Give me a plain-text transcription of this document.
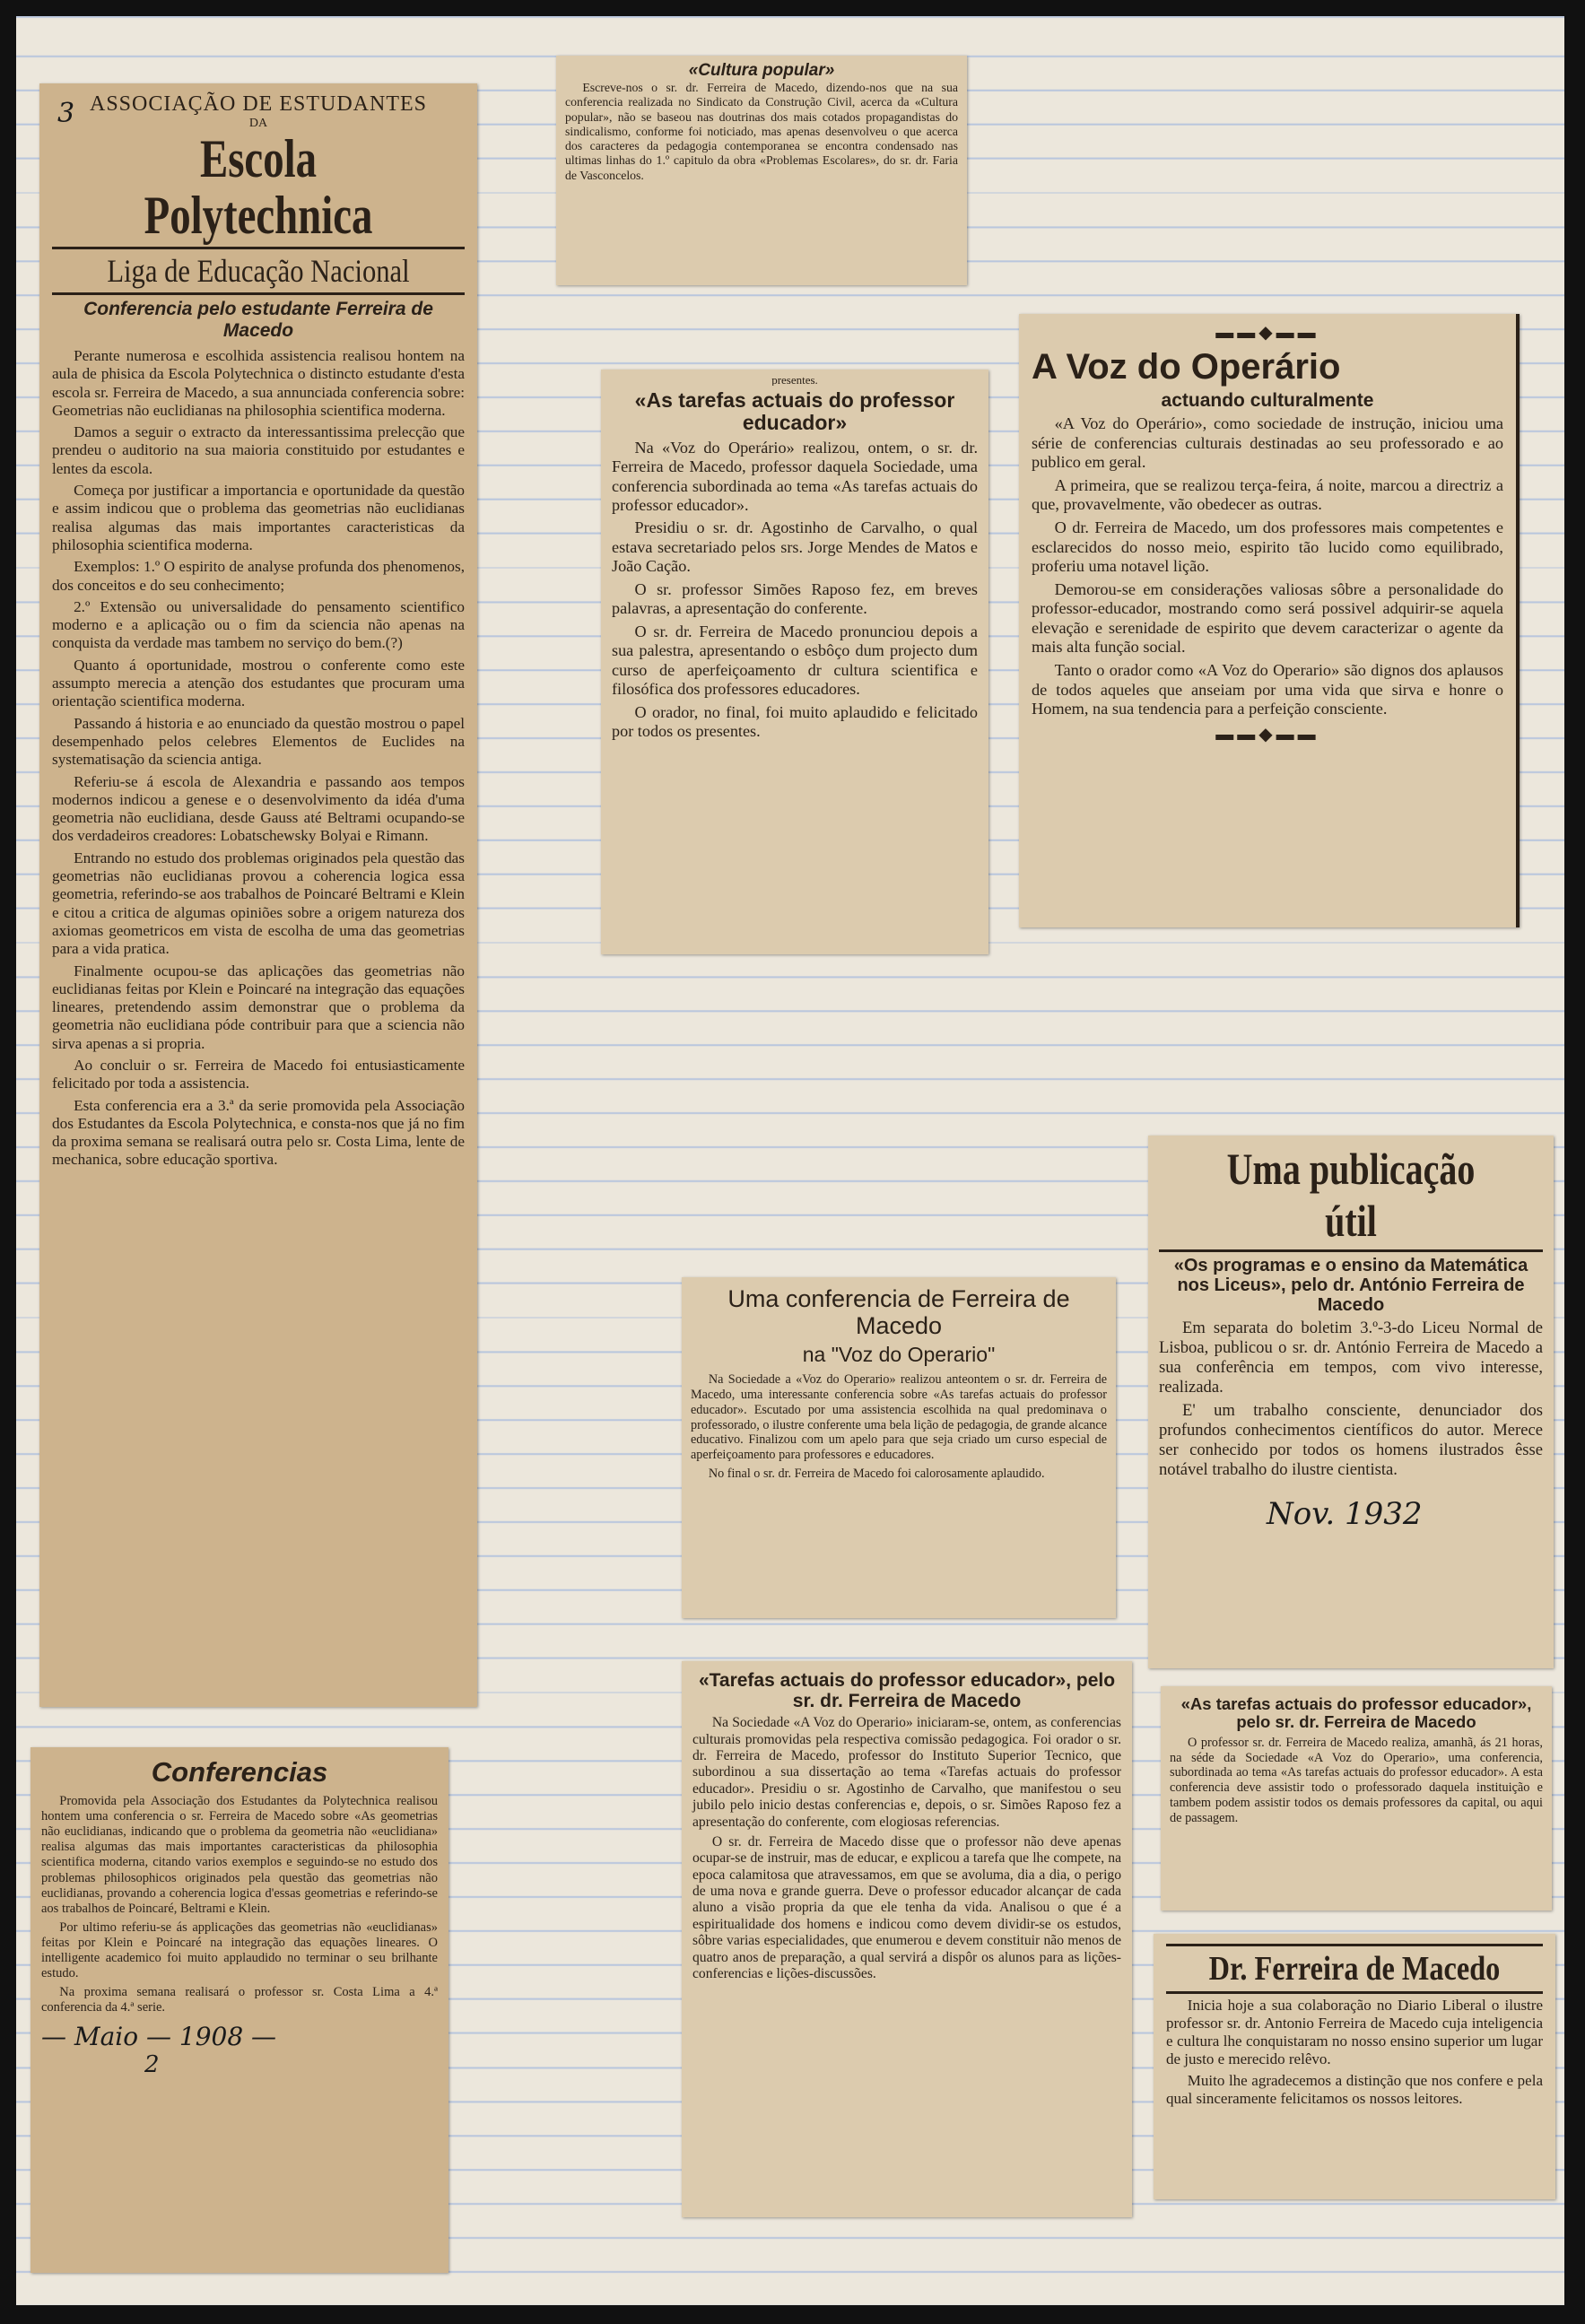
3 ASSOCIAÇÃO DE ESTUDANTES
DA
Escola Polytechnica
Liga de Educação Nacional
Conferencia pelo estudante Ferreira de Macedo

Perante numerosa e escolhida assistencia realisou hontem na aula de phisica da Escola Polytechnica o distincto estudante d'esta escola sr. Ferreira de Macedo, a sua annunciada conferencia sobre: Geometrias não euclidianas na philosophia scientifica moderna.

Damos a seguir o extracto da interessantissima prelecção que prendeu o auditorio na sua maioria constituido por estudantes e lentes da escola.

Começa por justificar a importancia e oportunidade da questão e assim indicou que o problema das geometrias não euclidianas realisa algumas das mais importantes caracteristicas da philosophia scientifica moderna.

Exemplos: 1.º O espirito de analyse profunda dos phenomenos, dos conceitos e do seu conhecimento;

2.º Extensão ou universalidade do pensamento scientifico moderno e a aplicação ou o fim da sciencia não apenas na conquista da verdade mas tambem no serviço do bem.(?)

Quanto á oportunidade, mostrou o conferente como este assumpto merecia a atenção dos estudantes que procuram uma orientação scientifica moderna.

Passando á historia e ao enunciado da questão mostrou o papel desempenhado pelos celebres Elementos de Euclides na systematisação da sciencia antiga.

Referiu-se á escola de Alexandria e passando aos tempos modernos indicou a genese e o desenvolvimento da idéa d'uma geometria não euclidiana, desde Gauss até Beltrami ocupando-se dos verdadeiros creadores: Lobatschewsky Bolyai e Rimann.

Entrando no estudo dos problemas originados pela questão das geometrias não euclidianas provou a coherencia logica essa geometria, referindo-se aos trabalhos de Poincaré Beltrami e Klein e citou a critica de algumas opiniões sobre a origem natureza dos axiomas geometricos em vista de escolha de uma das geometrias para a vida pratica.

Finalmente ocupou-se das aplicações das geometrias não euclidianas feitas por Klein e Poincaré na integração das equações lineares, pretendendo assim demonstrar que o problema da geometria não euclidiana póde contribuir para que a sciencia não sirva apenas a si propria.

Ao concluir o sr. Ferreira de Macedo foi entusiasticamente felicitado por toda a assistencia.

Esta conferencia era a 3.ª da serie promovida pela Associação dos Estudantes da Escola Polytechnica, e consta-nos que já no fim da proxima semana se realisará outra pelo sr. Costa Lima, lente de mechanica, sobre educação sportiva.

«Cultura popular»

Escreve-nos o sr. dr. Ferreira de Macedo, dizendo-nos que na sua conferencia realizada no Sindicato da Construção Civil, acerca da «Cultura popular», não se baseou nas doutrinas dos mais cotados propagandistas do sindicalismo, conforme foi noticiado, mas apenas desenvolveu o que acerca dos caracteres da pedagogia contemporanea se encontra condensado nas ultimas linhas do 1.º capitulo da obra «Problemas Escolares», do sr. dr. Faria de Vasconcelos.

presentes.
«As tarefas actuais do professor educador»

Na «Voz do Operário» realizou, ontem, o sr. dr. Ferreira de Macedo, professor daquela Sociedade, uma conferencia subordinada ao tema «As tarefas actuais do professor educador».

Presidiu o sr. dr. Agostinho de Carvalho, o qual estava secretariado pelos srs. Jorge Mendes de Matos e João Cação.

O sr. professor Simões Raposo fez, em breves palavras, a apresentação do conferente.

O sr. dr. Ferreira de Macedo pronunciou depois a sua palestra, apresentando o esbôço dum projecto dum curso de aperfeiçoamento dr cultura scientifica e filosófica dos professores educadores.

O orador, no final, foi muito aplaudido e felicitado por todos os presentes.

▬▬◆▬▬
A Voz do Operário
actuando culturalmente

«A Voz do Operário», como sociedade de instrução, iniciou uma série de conferencias culturais destinadas ao seu professorado e ao publico em geral.

A primeira, que se realizou terça-feira, á noite, marcou a directriz a que, provavelmente, vão obedecer as outras.

O dr. Ferreira de Macedo, um dos professores mais competentes e esclarecidos do nosso meio, espirito tão lucido como equilibrado, proferiu uma notavel lição.

Demorou-se em considerações valiosas sôbre a personalidade do professor-educador, mostrando como será possivel adquirir-se aquela elevação e serenidade de espirito que devem caracterizar o agente da mais alta função social.

Tanto o orador como «A Voz do Operario» são dignos dos aplausos de todos aqueles que anseiam por uma vida que sirva e honre o Homem, na sua tendencia para a perfeição consciente.

▬▬◆▬▬
Uma publicação útil
«Os programas e o ensino da Matemática nos Liceus», pelo dr. António Ferreira de Macedo

Em separata do boletim 3.º-3-do Liceu Normal de Lisboa, publicou o sr. dr. António Ferreira de Macedo a sua conferência em tempos, com vivo interesse, realizada.

E' um trabalho consciente, denunciador dos profundos conhecimentos científicos do autor. Merece ser conhecido por todos os homens ilustrados êsse notável trabalho do ilustre cientista.

Nov. 1932
Uma conferencia de Ferreira de Macedo
na "Voz do Operario"

Na Sociedade a «Voz do Operario» realizou anteontem o sr. dr. Ferreira de Macedo, uma interessante conferencia sobre «As tarefas actuais do professor educador». Escutado por uma assistencia escolhida na qual predominava o professorado, o ilustre conferente uma bela lição de pedagogia, de grande alcance educativo. Finalizou com um apelo para que seja criado um curso especial de aperfeiçoamento para professores e educadores.

No final o sr. dr. Ferreira de Macedo foi calorosamente aplaudido.

Conferencias

Promovida pela Associação dos Estudantes da Polytechnica realisou hontem uma conferencia o sr. Ferreira de Macedo sobre «As geometrias não euclidianas, indicando que o problema da geometria não «euclidiana» realisa algumas das mais importantes caracteristicas da philosophia scientifica moderna, citando varios exemplos e seguindo-se no estudo dos problemas philosophicos originados pela questão das geometrias não euclidianas, provando a coherencia logica d'essas geometrias e referindo-se aos trabalhos de Poincaré, Beltrami e Klein.

Por ultimo referiu-se ás applicações das geometrias não «euclidianas» feitas por Klein e Poincaré na integração das equações lineares. O intelligente academico foi muito applaudido no terminar o seu brilhante estudo.

Na proxima semana realisará o professor sr. Costa Lima a 4.ª conferencia da 4.ª serie.

— Maio — 1908 —
2
«Tarefas actuais do professor educador», pelo sr. dr. Ferreira de Macedo

Na Sociedade «A Voz do Operario» iniciaram-se, ontem, as conferencias culturais promovidas pela respectiva comissão pedagogica. Foi orador o sr. dr. Ferreira de Macedo, professor do Instituto Superior Tecnico, que subordinou a sua dissertação ao tema «Tarefas actuais do professor educador». Presidiu o sr. Agostinho de Carvalho, que manifestou o seu jubilo pelo inicio destas conferencias e, depois, o sr. Simões Raposo fez a apresentação do conferente, com elogiosas referencias.

O sr. dr. Ferreira de Macedo disse que o professor não deve apenas ocupar-se de instruir, mas de educar, e explicou a tarefa que lhe compete, na epoca calamitosa que atravessamos, em que se avoluma, dia a dia, o perigo de uma nova e grande guerra. Deve o professor educador alcançar de cada aluno a visão propria da que ele tenha da vida. Analisou o que é a espiritualidade dos homens e indicou como devem dividir-se os estudos, sôbre varias especialidades, que enumerou e devem constituir não menos de quatro anos de preparação, a qual servirá a dispôr os alunos para as lições-conferencias e lições-discussões.

«As tarefas actuais do professor educador», pelo sr. dr. Ferreira de Macedo

O professor sr. dr. Ferreira de Macedo realiza, amanhã, ás 21 horas, na séde da Sociedade «A Voz do Operario», uma conferencia, subordinada ao tema «As tarefas actuais do professor educador». A esta conferencia deve assistir todo o professorado daquela instituição e tambem podem assistir todos os demais professores da capital, ou aqui de passagem.

Dr. Ferreira de Macedo

Inicia hoje a sua colaboração no Diario Liberal o ilustre professor sr. dr. Antonio Ferreira de Macedo cuja inteligencia e cultura lhe conquistaram no nosso ensino superior um lugar de justo e merecido relêvo.

Muito lhe agradecemos a distinção que nos confere e pela qual sinceramente felicitamos os nossos leitores.
